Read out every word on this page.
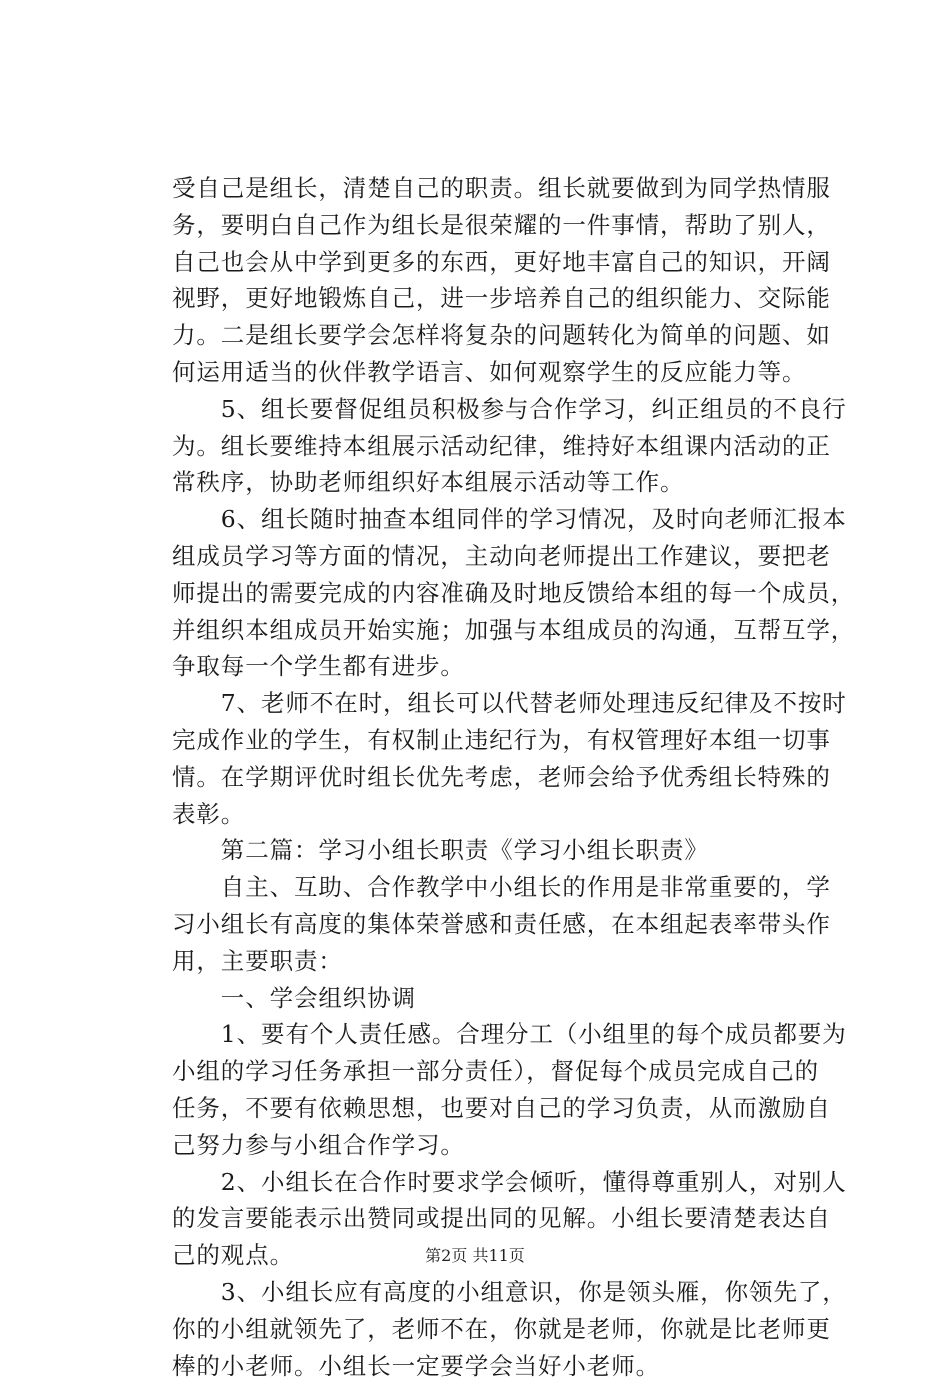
受自己是组长，清楚自己的职责。组长就要做到为同学热情服
务，要明白自己作为组长是很荣耀的一件事情，帮助了别人，
自己也会从中学到更多的东西，更好地丰富自己的知识，开阔
视野，更好地锻炼自己，进一步培养自己的组织能力、交际能
力。二是组长要学会怎样将复杂的问题转化为简单的问题、如
何运用适当的伙伴教学语言、如何观察学生的反应能力等。
　　5、组长要督促组员积极参与合作学习，纠正组员的不良行
为。组长要维持本组展示活动纪律，维持好本组课内活动的正
常秩序，协助老师组织好本组展示活动等工作。
　　6、组长随时抽查本组同伴的学习情况，及时向老师汇报本
组成员学习等方面的情况，主动向老师提出工作建议，要把老
师提出的需要完成的内容准确及时地反馈给本组的每一个成员，
并组织本组成员开始实施；加强与本组成员的沟通，互帮互学，
争取每一个学生都有进步。
　　7、老师不在时，组长可以代替老师处理违反纪律及不按时
完成作业的学生，有权制止违纪行为，有权管理好本组一切事
情。在学期评优时组长优先考虑，老师会给予优秀组长特殊的
表彰。
　　第二篇：学习小组长职责《学习小组长职责》
　　自主、互助、合作教学中小组长的作用是非常重要的，学
习小组长有高度的集体荣誉感和责任感，在本组起表率带头作
用，主要职责：
　　一、学会组织协调
　　1、要有个人责任感。合理分工（小组里的每个成员都要为
小组的学习任务承担一部分责任），督促每个成员完成自己的
任务，不要有依赖思想，也要对自己的学习负责，从而激励自
己努力参与小组合作学习。
　　2、小组长在合作时要求学会倾听，懂得尊重别人，对别人
的发言要能表示出赞同或提出同的见解。小组长要清楚表达自
己的观点。
　　3、小组长应有高度的小组意识，你是领头雁，你领先了，
你的小组就领先了，老师不在，你就是老师，你就是比老师更
棒的小老师。小组长一定要学会当好小老师。
第2页 共11页
